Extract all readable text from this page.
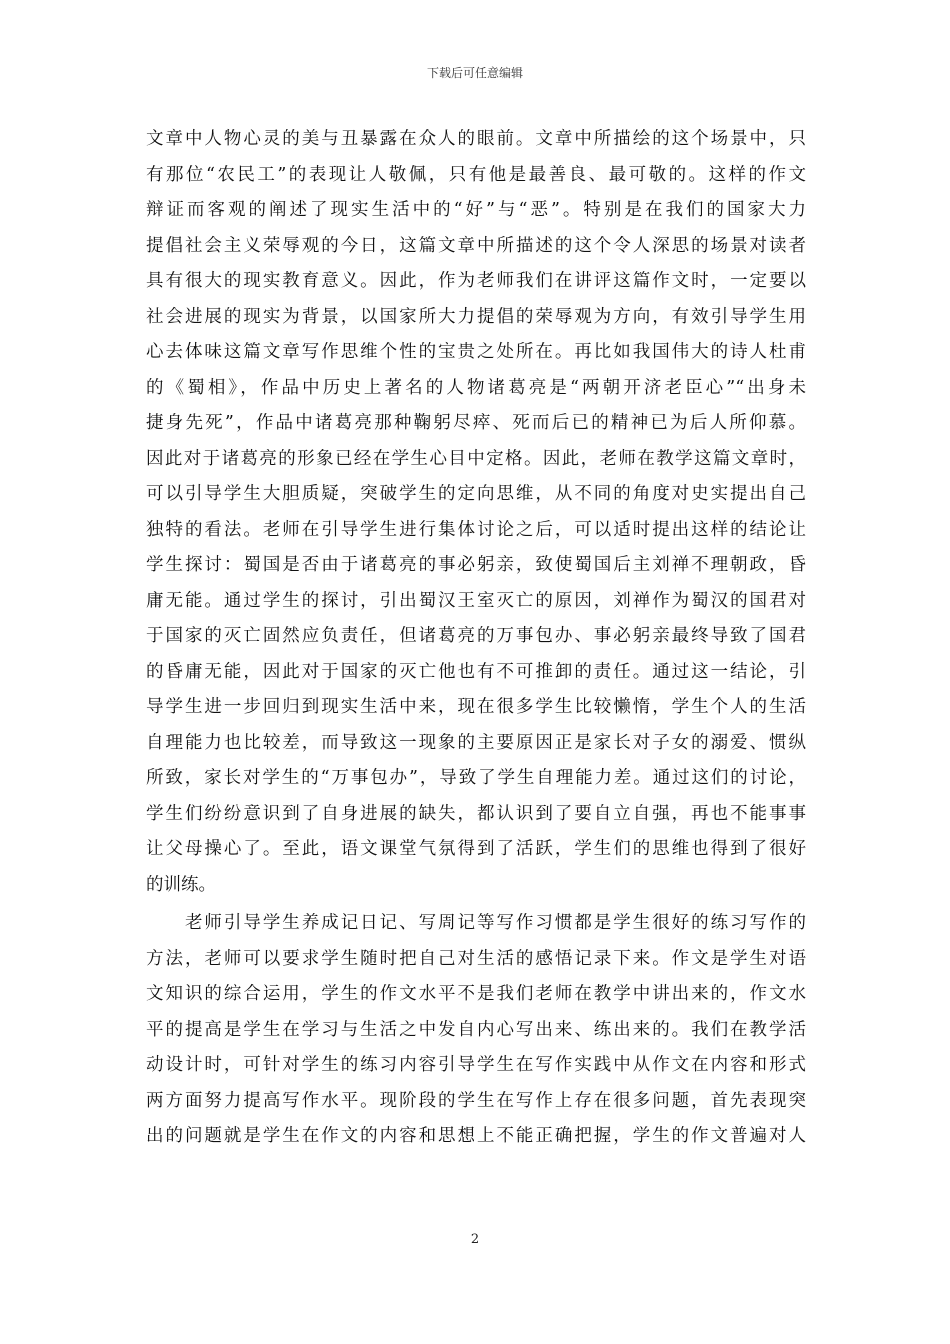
下载后可任意编辑
文章中人物心灵的美与丑暴露在众人的眼前。文章中所描绘的这个场景中，只
有那位“农民工”的表现让人敬佩，只有他是最善良、最可敬的。这样的作文
辩证而客观的阐述了现实生活中的“好”与“恶”。特别是在我们的国家大力
提倡社会主义荣辱观的今日，这篇文章中所描述的这个令人深思的场景对读者
具有很大的现实教育意义。因此，作为老师我们在讲评这篇作文时，一定要以
社会进展的现实为背景，以国家所大力提倡的荣辱观为方向，有效引导学生用
心去体味这篇文章写作思维个性的宝贵之处所在。再比如我国伟大的诗人杜甫
的《蜀相》，作品中历史上著名的人物诸葛亮是“两朝开济老臣心”“出身未
捷身先死”，作品中诸葛亮那种鞠躬尽瘁、死而后已的精神已为后人所仰慕。
因此对于诸葛亮的形象已经在学生心目中定格。因此，老师在教学这篇文章时，
可以引导学生大胆质疑，突破学生的定向思维，从不同的角度对史实提出自己
独特的看法。老师在引导学生进行集体讨论之后，可以适时提出这样的结论让
学生探讨：蜀国是否由于诸葛亮的事必躬亲，致使蜀国后主刘禅不理朝政，昏
庸无能。通过学生的探讨，引出蜀汉王室灭亡的原因，刘禅作为蜀汉的国君对
于国家的灭亡固然应负责任，但诸葛亮的万事包办、事必躬亲最终导致了国君
的昏庸无能，因此对于国家的灭亡他也有不可推卸的责任。通过这一结论，引
导学生进一步回归到现实生活中来，现在很多学生比较懒惰，学生个人的生活
自理能力也比较差，而导致这一现象的主要原因正是家长对子女的溺爱、惯纵
所致，家长对学生的“万事包办”，导致了学生自理能力差。通过这们的讨论，
学生们纷纷意识到了自身进展的缺失，都认识到了要自立自强，再也不能事事
让父母操心了。至此，语文课堂气氛得到了活跃，学生们的思维也得到了很好
的训练。
　　老师引导学生养成记日记、写周记等写作习惯都是学生很好的练习写作的
方法，老师可以要求学生随时把自己对生活的感悟记录下来。作文是学生对语
文知识的综合运用，学生的作文水平不是我们老师在教学中讲出来的，作文水
平的提高是学生在学习与生活之中发自内心写出来、练出来的。我们在教学活
动设计时，可针对学生的练习内容引导学生在写作实践中从作文在内容和形式
两方面努力提高写作水平。现阶段的学生在写作上存在很多问题，首先表现突
出的问题就是学生在作文的内容和思想上不能正确把握，学生的作文普遍对人
2
